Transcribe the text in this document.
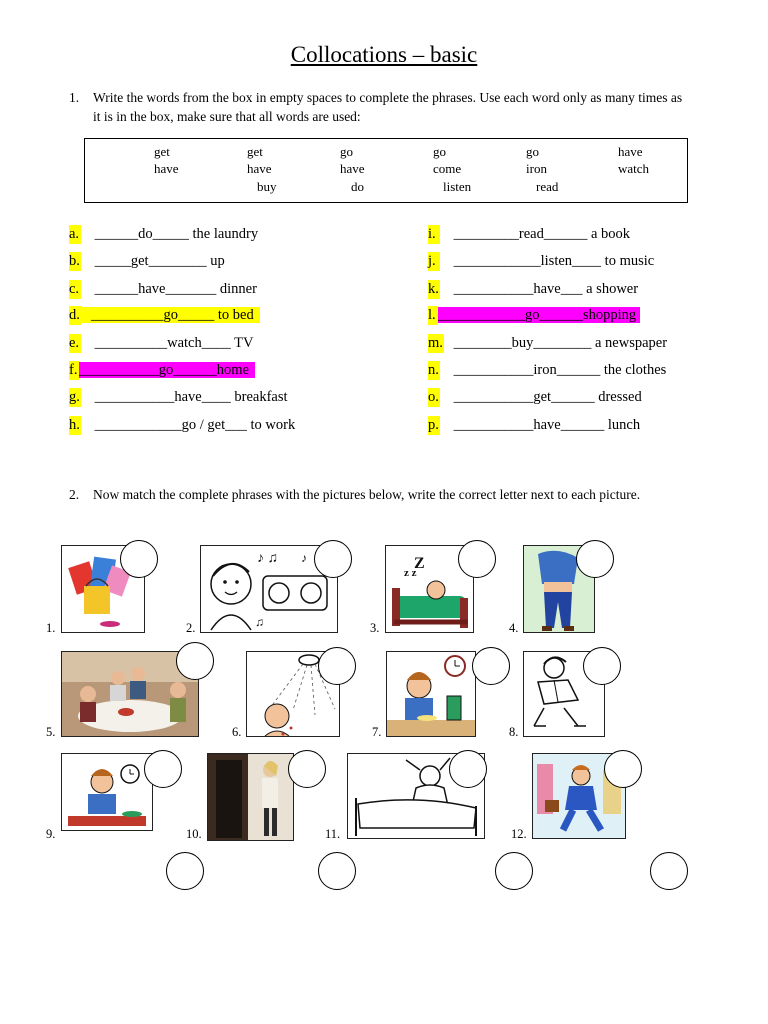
Collocations – basic
1. Write the words from the box in empty spaces to complete the phrases. Use each word only as many times as
it is in the box, make sure that all words are used:
get	get	go	go	go	have
have	have	have	come	iron	watch
buy	do	listen	read
a. ______do_____ the laundry
b. _____get________ up
c. ______have_______ dinner
d. __________go_____ to bed
e. __________watch____ TV
f. ___________go______home
g. ___________have____ breakfast
h. ____________go / get___ to work
i. _________read______ a book
j. ____________listen____ to music
k. ___________have___ a shower
l. ____________go______shopping
m. ________buy________ a newspaper
n. ___________iron______ the clothes
o. ___________get______ dressed
p. ___________have______ lunch
2. Now match the complete phrases with the pictures below, write the correct letter next to each picture.
1.	2.
♪ ♫ ♪
♫	3.
Z
z z
4.
5.	6.	7.	8.
9.	10.	11.	12.
